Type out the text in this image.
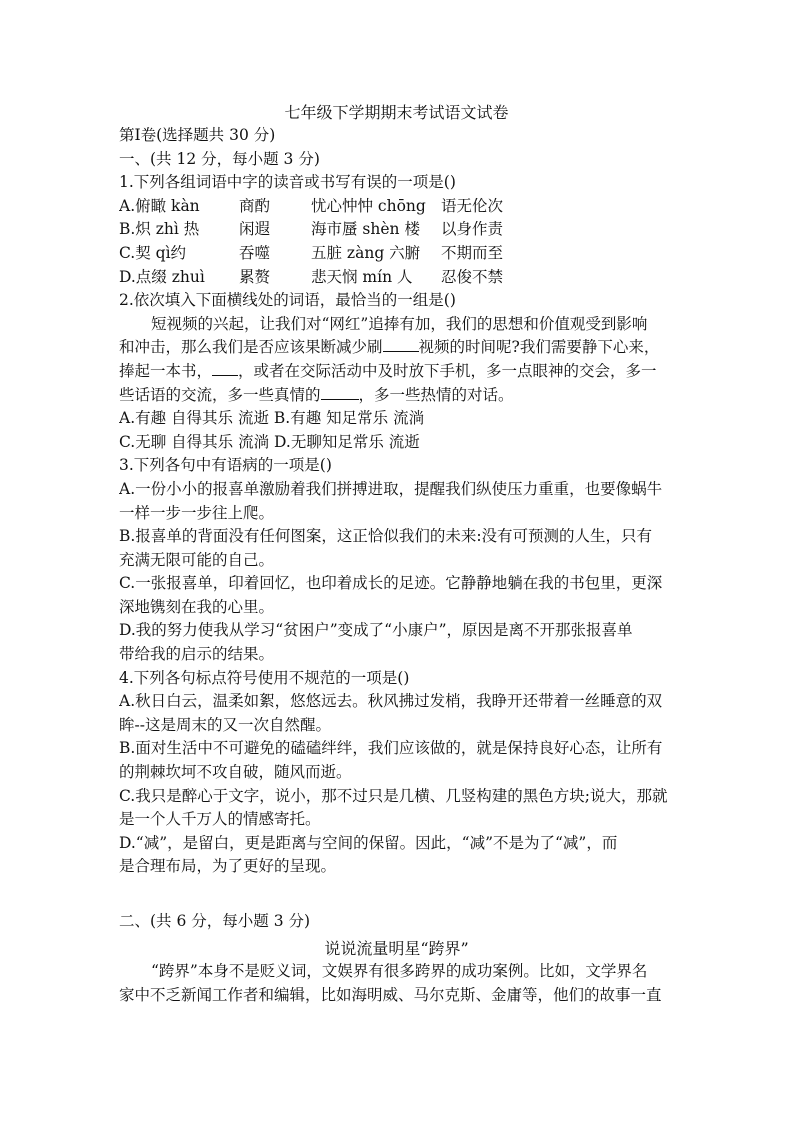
七年级下学期期末考试语文试卷
第Ⅰ卷(选择题共 30 分)
一、(共 12 分，每小题 3 分)
1.下列各组词语中字的读音或书写有误的一项是()
A.俯瞰 kàn	商酌	忧心忡忡 chōng 语无伦次
B.炽 zhì 热	闲遐	海市蜃 shèn 楼 以身作责
C.契 qì约	吞噬	五脏 zàng 六腑 不期而至
D.点缀 zhuì 累赘	悲天悯 mín 人 忍俊不禁
2.依次填入下面横线处的词语，最恰当的一组是()
短视频的兴起，让我们对“网红”追捧有加，我们的思想和价值观受到影响
和冲击，那么我们是否应该果断减少刷 视频的时间呢?我们需要静下心来，
捧起一本书， ，或者在交际活动中及时放下手机，多一点眼神的交会，多一
些话语的交流，多一些真情的 ，多一些热情的对话。
A.有趣 自得其乐 流逝 B.有趣 知足常乐 流淌
C.无聊 自得其乐 流淌 D.无聊知足常乐 流逝
3.下列各句中有语病的一项是()
A.一份小小的报喜单激励着我们拼搏进取，提醒我们纵使压力重重，也要像蜗牛
一样一步一步往上爬。
B.报喜单的背面没有任何图案，这正恰似我们的未来:没有可预测的人生，只有
充满无限可能的自己。
C.一张报喜单，印着回忆，也印着成长的足迹。它静静地躺在我的书包里，更深
深地镌刻在我的心里。
D.我的努力使我从学习“贫困户”变成了“小康户”，原因是离不开那张报喜单
带给我的启示的结果。
4.下列各句标点符号使用不规范的一项是()
A.秋日白云，温柔如絮，悠悠远去。秋风拂过发梢，我睁开还带着一丝睡意的双
眸--这是周末的又一次自然醒。
B.面对生活中不可避免的磕磕绊绊，我们应该做的，就是保持良好心态，让所有
的荆棘坎坷不攻自破，随风而逝。
C.我只是醉心于文字，说小，那不过只是几横、几竖构建的黑色方块;说大，那就
是一个人千万人的情感寄托。
D.“减”，是留白，更是距离与空间的保留。因此，“减”不是为了“减”，而
是合理布局，为了更好的呈现。
二、(共 6 分，每小题 3 分)
说说流量明星“跨界”
“跨界”本身不是贬义词，文娱界有很多跨界的成功案例。比如，文学界名
家中不乏新闻工作者和编辑，比如海明威、马尔克斯、金庸等，他们的故事一直
